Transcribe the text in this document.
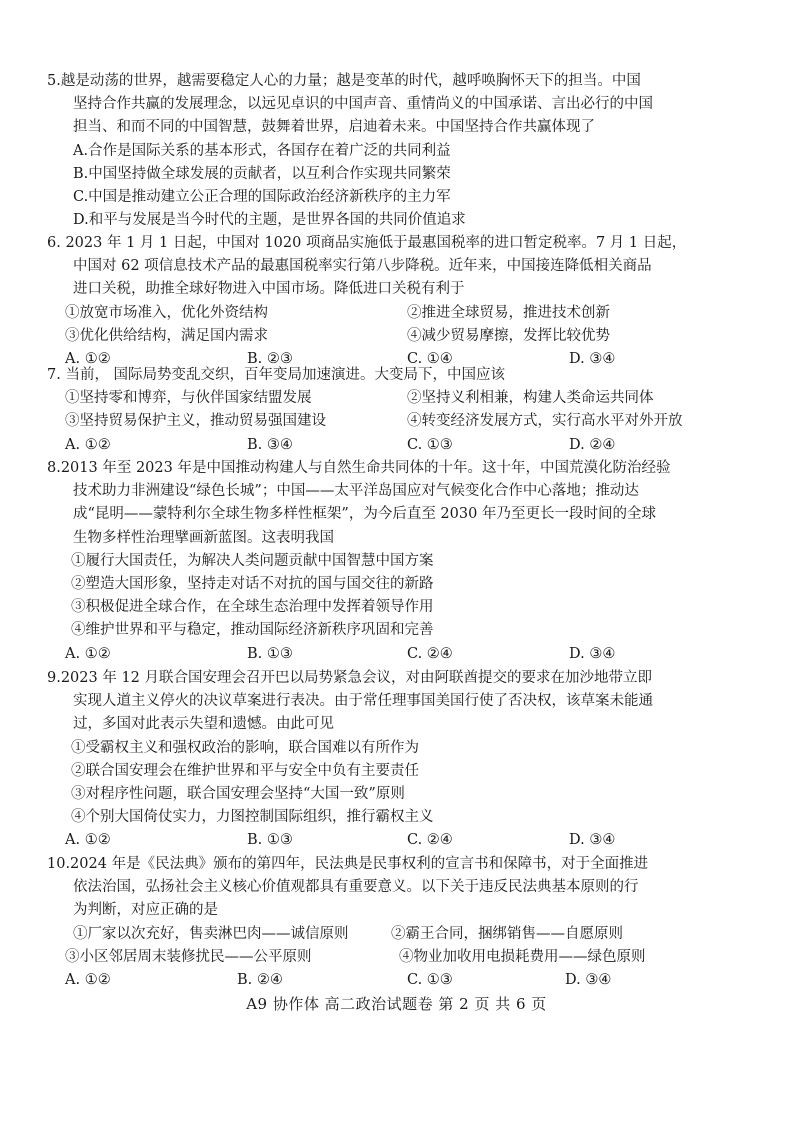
5.越是动荡的世界，越需要稳定人心的力量；越是变革的时代，越呼唤胸怀天下的担当。中国
坚持合作共赢的发展理念，以远见卓识的中国声音、重情尚义的中国承诺、言出必行的中国
担当、和而不同的中国智慧，鼓舞着世界，启迪着未来。中国坚持合作共赢体现了
A.合作是国际关系的基本形式，各国存在着广泛的共同利益
B.中国坚持做全球发展的贡献者，以互利合作实现共同繁荣
C.中国是推动建立公正合理的国际政治经济新秩序的主力军
D.和平与发展是当今时代的主题，是世界各国的共同价值追求
6. 2023 年 1 月 1 日起，中国对 1020 项商品实施低于最惠国税率的进口暂定税率。7 月 1 日起，
中国对 62 项信息技术产品的最惠国税率实行第八步降税。近年来，中国接连降低相关商品
进口关税，助推全球好物进入中国市场。降低进口关税有利于
①放宽市场准入，优化外资结构	②推进全球贸易，推进技术创新
③优化供给结构，满足国内需求	④减少贸易摩擦，发挥比较优势
A. ①②	B. ②③	C. ①④	D. ③④
7. 当前， 国际局势变乱交织，百年变局加速演进。大变局下，中国应该
①坚持零和博弈，与伙伴国家结盟发展	②坚持义利相兼，构建人类命运共同体
③坚持贸易保护主义，推动贸易强国建设	④转变经济发展方式，实行高水平对外开放
A. ①②	B. ③④	C. ①③	D. ②④
8.2013 年至 2023 年是中国推动构建人与自然生命共同体的十年。这十年，中国荒漠化防治经验
技术助力非洲建设“绿色长城”；中国——太平洋岛国应对气候变化合作中心落地；推动达
成“昆明——蒙特利尔全球生物多样性框架”，为今后直至 2030 年乃至更长一段时间的全球
生物多样性治理擘画新蓝图。这表明我国
①履行大国责任，为解决人类问题贡献中国智慧中国方案
②塑造大国形象，坚持走对话不对抗的国与国交往的新路
③积极促进全球合作，在全球生态治理中发挥着领导作用
④维护世界和平与稳定，推动国际经济新秩序巩固和完善
A. ①②	B. ①③	C. ②④	D. ③④
9.2023 年 12 月联合国安理会召开巴以局势紧急会议，对由阿联酋提交的要求在加沙地带立即
实现人道主义停火的决议草案进行表决。由于常任理事国美国行使了否决权，该草案未能通
过，多国对此表示失望和遗憾。由此可见
①受霸权主义和强权政治的影响，联合国难以有所作为
②联合国安理会在维护世界和平与安全中负有主要责任
③对程序性问题，联合国安理会坚持“大国一致”原则
④个别大国倚仗实力，力图控制国际组织，推行霸权主义
A. ①②	B. ①③	C. ②④	D. ③④
10.2024 年是《民法典》颁布的第四年，民法典是民事权利的宣言书和保障书，对于全面推进
依法治国，弘扬社会主义核心价值观都具有重要意义。以下关于违反民法典基本原则的行
为判断，对应正确的是
①厂家以次充好，售卖淋巴肉——诚信原则	②霸王合同，捆绑销售——自愿原则
③小区邻居周末装修扰民——公平原则	④物业加收用电损耗费用——绿色原则
A. ①②	B. ②④	C. ①③	D. ③④
A9 协作体 高二政治试题卷 第 2 页 共 6 页
